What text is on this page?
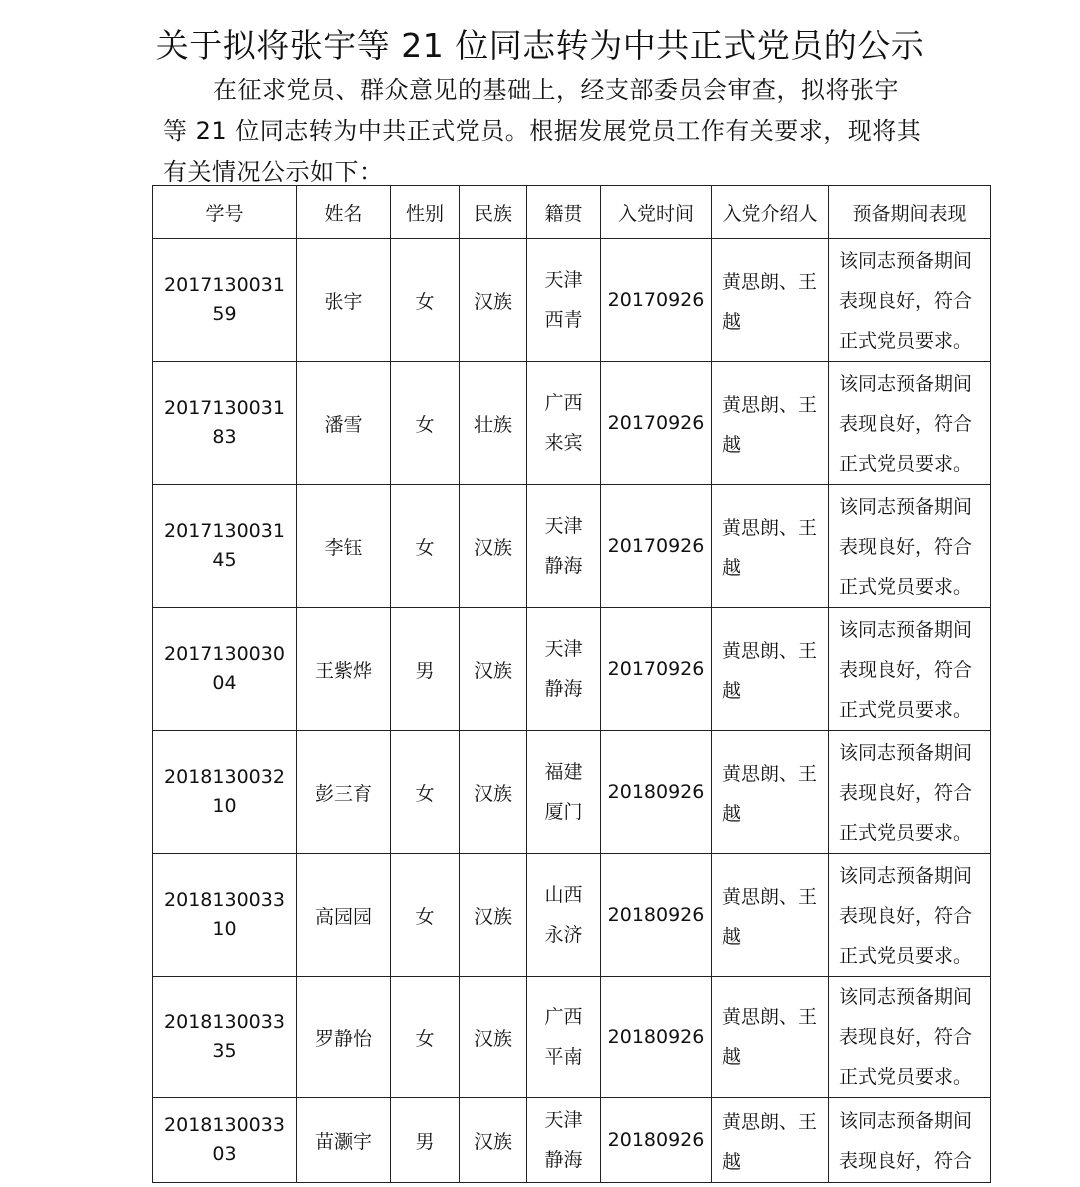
关于拟将张宇等 21 位同志转为中共正式党员的公示
在征求党员、群众意见的基础上，经支部委员会审查，拟将张宇等 21 位同志转为中共正式党员。根据发展党员工作有关要求，现将其有关情况公示如下：
学号	姓名	性别	民族	籍贯	入党时间	入党介绍人	预备期间表现

201713003159	张宇	女	汉族	天津西青	20170926	黄思朗、王越	该同志预备期间表现良好，符合正式党员要求。

201713003183	潘雪	女	壮族	广西来宾	20170926	黄思朗、王越	该同志预备期间表现良好，符合正式党员要求。

201713003145	李钰	女	汉族	天津静海	20170926	黄思朗、王越	该同志预备期间表现良好，符合正式党员要求。

201713003004	王紫烨	男	汉族	天津静海	20170926	黄思朗、王越	该同志预备期间表现良好，符合正式党员要求。

201813003210	彭三育	女	汉族	福建厦门	20180926	黄思朗、王越	该同志预备期间表现良好，符合正式党员要求。

201813003310	高园园	女	汉族	山西永济	20180926	黄思朗、王越	该同志预备期间表现良好，符合正式党员要求。

201813003335	罗静怡	女	汉族	广西平南	20180926	黄思朗、王越	该同志预备期间表现良好，符合正式党员要求。

201813003303	苗灏宇	男	汉族	天津静海	20180926	黄思朗、王越	该同志预备期间表现良好，符合
